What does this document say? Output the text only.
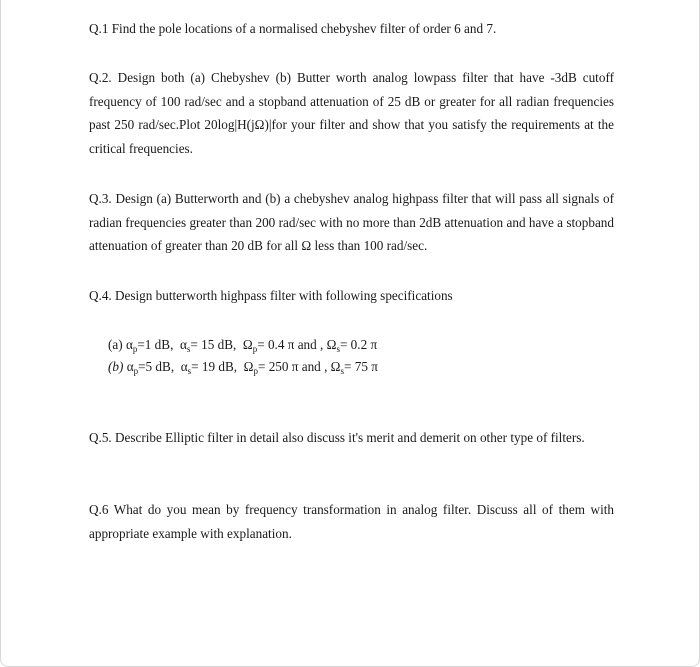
Q.1 Find the pole locations of a normalised chebyshev filter of order 6 and 7.

Q.2. Design both (a) Chebyshev (b) Butter worth analog lowpass filter that have -3dB cutoff frequency of 100 rad/sec and a stopband attenuation of 25 dB or greater for all radian frequencies past 250 rad/sec.Plot 20log|H(jΩ)|for your filter and show that you satisfy the requirements at the critical frequencies.

Q.3. Design (a) Butterworth and (b) a chebyshev analog highpass filter that will pass all signals of radian frequencies greater than 200 rad/sec with no more than 2dB attenuation and have a stopband attenuation of greater than 20 dB for all Ω less than 100 rad/sec.

Q.4. Design butterworth highpass filter with following specifications

(a) $\alpha_p=1$ dB, $\alpha_s= 15$ dB, $\Omega_p= 0.4$ π and , $\Omega_s= 0.2$ π

(b) $\alpha_p=5$ dB, $\alpha_s= 19$ dB, $\Omega_p= 250$ π and , $\Omega_s= 75$ π

Q.5. Describe Elliptic filter in detail also discuss it's merit and demerit on other type of filters.

Q.6 What do you mean by frequency transformation in analog filter. Discuss all of them with appropriate example with explanation.
